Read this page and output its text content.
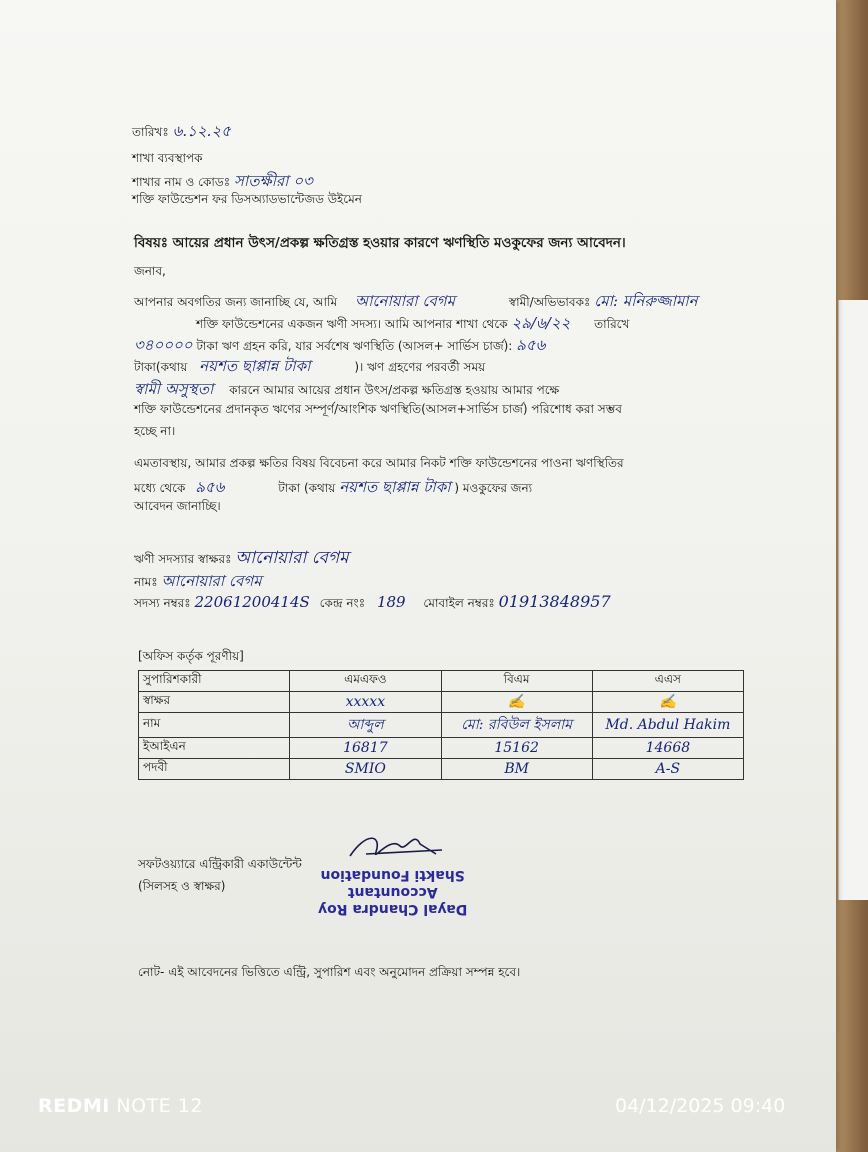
তারিখঃ ৬.১২.২৫
শাখা ব্যবস্থাপক
শাখার নাম ও কোডঃ সাতক্ষীরা ০৩
শক্তি ফাউন্ডেশন ফর ডিসঅ্যাডভান্টেজড উইমেন
বিষয়ঃ আয়ের প্রধান উৎস/প্রকল্প ক্ষতিগ্রস্ত হওয়ার কারণে ঋণস্থিতি মওকুফের জন্য আবেদন।
জনাব,
আপনার অবগতির জন্য জানাচ্ছি যে, আমি আনোয়ারা বেগম	স্বামী/অভিভাবকঃ মো: মনিরুজ্জামান
শক্তি ফাউন্ডেশনের একজন ঋণী সদস্য। আমি আপনার শাখা থেকে ২৯/৬/২২ তারিখে
৩৪০০০০ টাকা ঋণ গ্রহন করি, যার সর্বশেষ ঋণস্থিতি (আসল+ সার্ভিস চার্জ): ৯৫৬
টাকা(কথায় নয়শত ছাপ্পান্ন টাকা	)। ঋণ গ্রহণের পরবর্তী সময়
স্বামী অসুস্থতা কারনে আমার আয়ের প্রধান উৎস/প্রকল্প ক্ষতিগ্রস্ত হওয়ায় আমার পক্ষে
শক্তি ফাউন্ডেশনের প্রদানকৃত ঋণের সম্পূর্ণ/আংশিক ঋণস্থিতি(আসল+সার্ভিস চার্জ) পরিশোধ করা সম্ভব
হচ্ছে না।
এমতাবস্থায়, আমার প্রকল্প ক্ষতির বিষয় বিবেচনা করে আমার নিকট শক্তি ফাউন্ডেশনের পাওনা ঋণস্থিতির
মধ্যে থেকে ৯৫৬	টাকা (কথায় নয়শত ছাপ্পান্ন টাকা ) মওকুফের জন্য
আবেদন জানাচ্ছি।
ঋণী সদস্যার স্বাক্ষরঃ আনোয়ারা বেগম
নামঃ আনোয়ারা বেগম
সদস্য নম্বরঃ 22061200414S কেন্দ্র নংঃ 189 মোবাইল নম্বরঃ 01913848957
[অফিস কর্তৃক পূরণীয়]
সুপারিশকারী	এমএফও	বিএম	এএস
স্বাক্ষর	xxxxx	✍	✍
নাম	আব্দুল	মো: রবিউল ইসলাম	Md. Abdul Hakim
ইআইএন	16817	15162	14668
পদবী	SMIO	BM	A-S
সফটওয়্যারে এন্ট্রিকারী একাউন্টেন্ট
(সিলসহ ও স্বাক্ষর)
Dayal Chandra Roy
Accountant
Shakti Foundation
নোট- এই আবেদনের ভিত্তিতে এন্ট্রি, সুপারিশ এবং অনুমোদন প্রক্রিয়া সম্পন্ন হবে।
REDMI NOTE 12	04/12/2025 09:40
